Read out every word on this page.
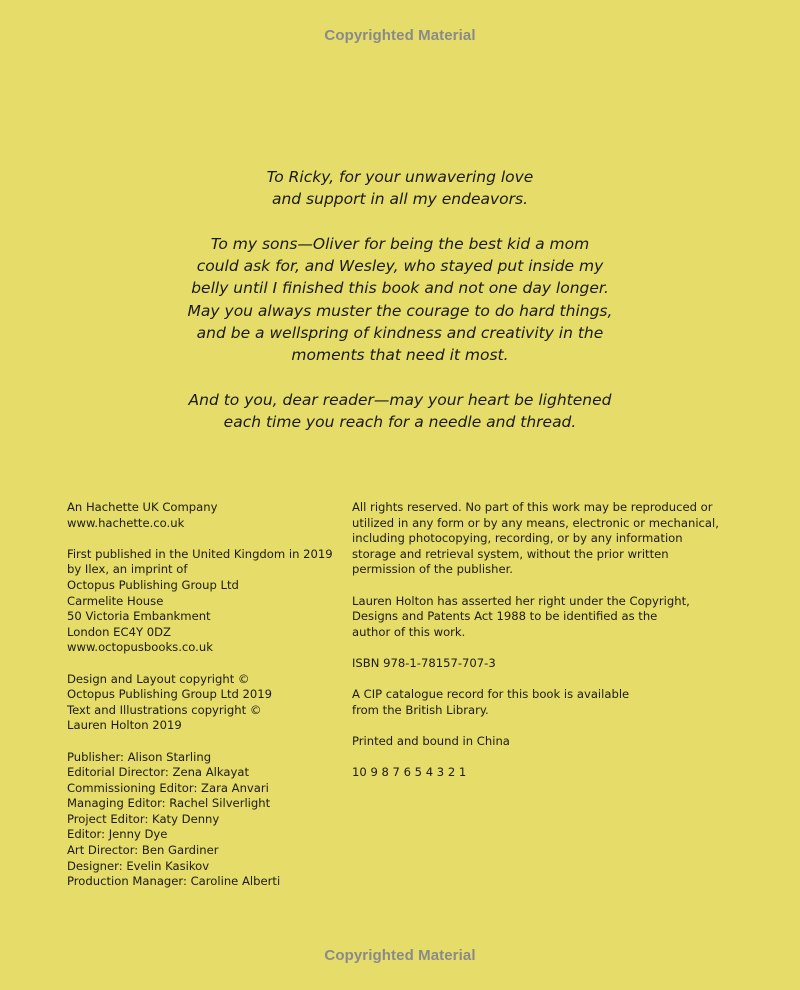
Copyrighted Material

To Ricky, for your unwavering love
and support in all my endeavors.

To my sons—Oliver for being the best kid a mom
could ask for, and Wesley, who stayed put inside my
belly until I finished this book and not one day longer.
May you always muster the courage to do hard things,
and be a wellspring of kindness and creativity in the
moments that need it most.

And to you, dear reader—may your heart be lightened
each time you reach for a needle and thread.

An Hachette UK Company
www.hachette.co.uk
First published in the United Kingdom in 2019
by Ilex, an imprint of
Octopus Publishing Group Ltd
Carmelite House
50 Victoria Embankment
London EC4Y 0DZ
www.octopusbooks.co.uk
Design and Layout copyright ©
Octopus Publishing Group Ltd 2019
Text and Illustrations copyright ©
Lauren Holton 2019
Publisher: Alison Starling
Editorial Director: Zena Alkayat
Commissioning Editor: Zara Anvari
Managing Editor: Rachel Silverlight
Project Editor: Katy Denny
Editor: Jenny Dye
Art Director: Ben Gardiner
Designer: Evelin Kasikov
Production Manager: Caroline Alberti
All rights reserved. No part of this work may be reproduced or
utilized in any form or by any means, electronic or mechanical,
including photocopying, recording, or by any information
storage and retrieval system, without the prior written
permission of the publisher.
Lauren Holton has asserted her right under the Copyright,
Designs and Patents Act 1988 to be identified as the
author of this work.
ISBN 978-1-78157-707-3
A CIP catalogue record for this book is available
from the British Library.
Printed and bound in China
10 9 8 7 6 5 4 3 2 1
Copyrighted Material
